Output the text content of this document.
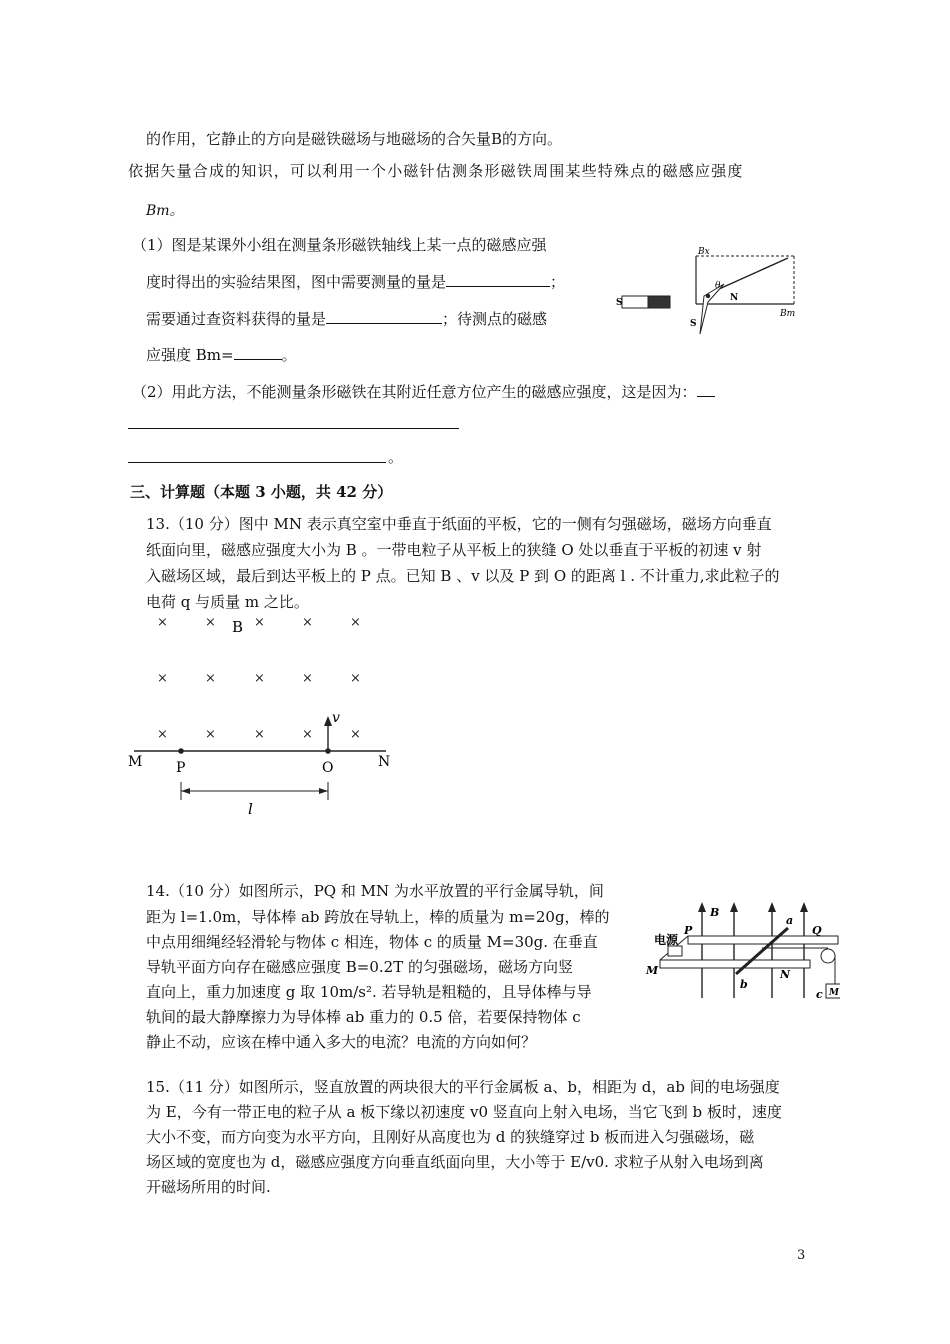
的作用，它静止的方向是磁铁磁场与地磁场的合矢量B的方向。
依据矢量合成的知识，可以利用一个小磁针估测条形磁铁周围某些特殊点的磁感应强度
Bm。
（1）图是某课外小组在测量条形磁铁轴线上某一点的磁感应强
度时得出的实验结果图，图中需要测量的量是	；
需要通过查资料获得的量是	；待测点的磁感
应强度 Bm=	。
Bx
Bm
θ
N
S
S
（2）用此方法，不能测量条形磁铁在其附近任意方位产生的磁感应强度，这是因为：
。
三、计算题（本题 3 小题，共 42 分）
13.（10 分）图中 MN 表示真空室中垂直于纸面的平板，它的一侧有匀强磁场，磁场方向垂直
纸面向里，磁感应强度大小为 B 。一带电粒子从平板上的狭缝 O 处以垂直于平板的初速 v 射
入磁场区域，最后到达平板上的 P 点。已知 B 、v 以及 P 到 O 的距离 l . 不计重力,求此粒子的
电荷 q 与质量 m 之比。
×	×	×	×	×
×	×	×	×	×
×	×	×	×	×
B
v
M P	O	N
l
14.（10 分）如图所示，PQ 和 MN 为水平放置的平行金属导轨，间
距为 l=1.0m，导体棒 ab 跨放在导轨上，棒的质量为 m=20g，棒的
中点用细绳经轻滑轮与物体 c 相连，物体 c 的质量 M=30g. 在垂直
导轨平面方向存在磁感应强度 B=0.2T 的匀强磁场，磁场方向竖
直向上，重力加速度 g 取 10m/s². 若导轨是粗糙的，且导体棒与导
轨间的最大静摩擦力为导体棒 ab 重力的 0.5 倍，若要保持物体 c
静止不动，应该在棒中通入多大的电流？电流的方向如何？
电源
P
B
a
Q
M
b
N
c M
15.（11 分）如图所示，竖直放置的两块很大的平行金属板 a、b，相距为 d，ab 间的电场强度
为 E，今有一带正电的粒子从 a 板下缘以初速度 v0 竖直向上射入电场，当它飞到 b 板时，速度
大小不变，而方向变为水平方向，且刚好从高度也为 d 的狭缝穿过 b 板而进入匀强磁场，磁
场区域的宽度也为 d，磁感应强度方向垂直纸面向里，大小等于 E/v0. 求粒子从射入电场到离
开磁场所用的时间.
3
